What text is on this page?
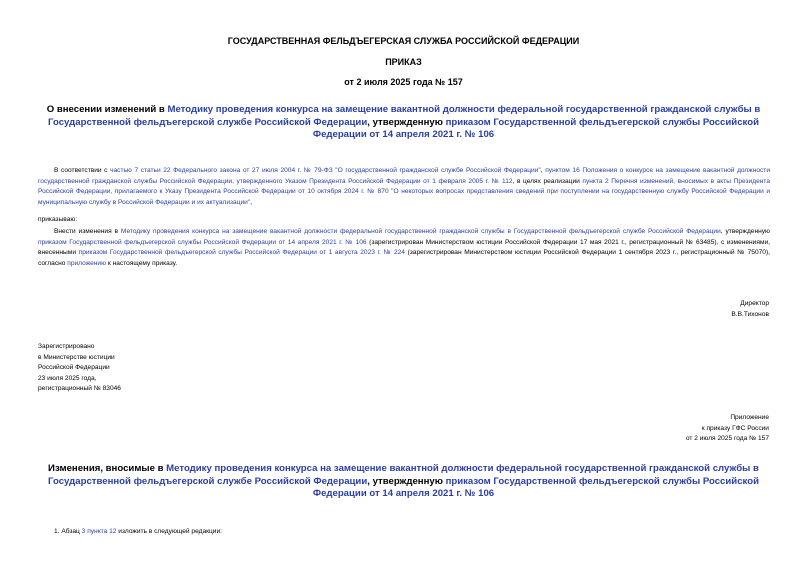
ГОСУДАРСТВЕННАЯ ФЕЛЬДЪЕГЕРСКАЯ СЛУЖБА РОССИЙСКОЙ ФЕДЕРАЦИИ
ПРИКАЗ
от 2 июля 2025 года № 157
О внесении изменений в Методику проведения конкурса на замещение вакантной должности федеральной государственной гражданской службы в Государственной фельдъегерской службе Российской Федерации, утвержденную приказом Государственной фельдъегерской службы Российской Федерации от 14 апреля 2021 г. № 106
В соответствии с частью 7 статьи 22 Федерального закона от 27 июля 2004 г. № 79-ФЗ "О государственной гражданской службе Российской Федерации", пунктом 16 Положения о конкурсе на замещение вакантной должности государственной гражданской службы Российской Федерации, утвержденного Указом Президента Российской Федерации от 1 февраля 2005 г. № 112, в целях реализации пункта 2 Перечня изменений, вносимых в акты Президента Российской Федерации, прилагаемого к Указу Президента Российской Федерации от 10 октября 2024 г. № 870 "О некоторых вопросах представления сведений при поступлении на государственную службу Российской Федерации и муниципальную службу в Российской Федерации и их актуализации",
приказываю:
Внести изменения в Методику проведения конкурса на замещение вакантной должности федеральной государственной гражданской службы в Государственной фельдъегерской службе Российской Федерации, утвержденную приказом Государственной фельдъегерской службы Российской Федерации от 14 апреля 2021 г. № 106 (зарегистрирован Министерством юстиции Российской Федерации 17 мая 2021 г., регистрационный № 63485), с изменениями, внесенными приказом Государственной фельдъегерской службы Российской Федерации от 1 августа 2023 г. № 224 (зарегистрирован Министерством юстиции Российской Федерации 1 сентября 2023 г., регистрационный № 75070), согласно приложению к настоящему приказу.
Директор
В.В.Тихонов
Зарегистрировано
в Министерстве юстиции
Российской Федерации
23 июля 2025 года,
регистрационный № 83046
Приложение
к приказу ГФС России
от 2 июля 2025 года № 157
Изменения, вносимые в Методику проведения конкурса на замещение вакантной должности федеральной государственной гражданской службы в Государственной фельдъегерской службе Российской Федерации, утвержденную приказом Государственной фельдъегерской службы Российской Федерации от 14 апреля 2021 г. № 106
1. Абзац 3 пункта 12 изложить в следующей редакции:
